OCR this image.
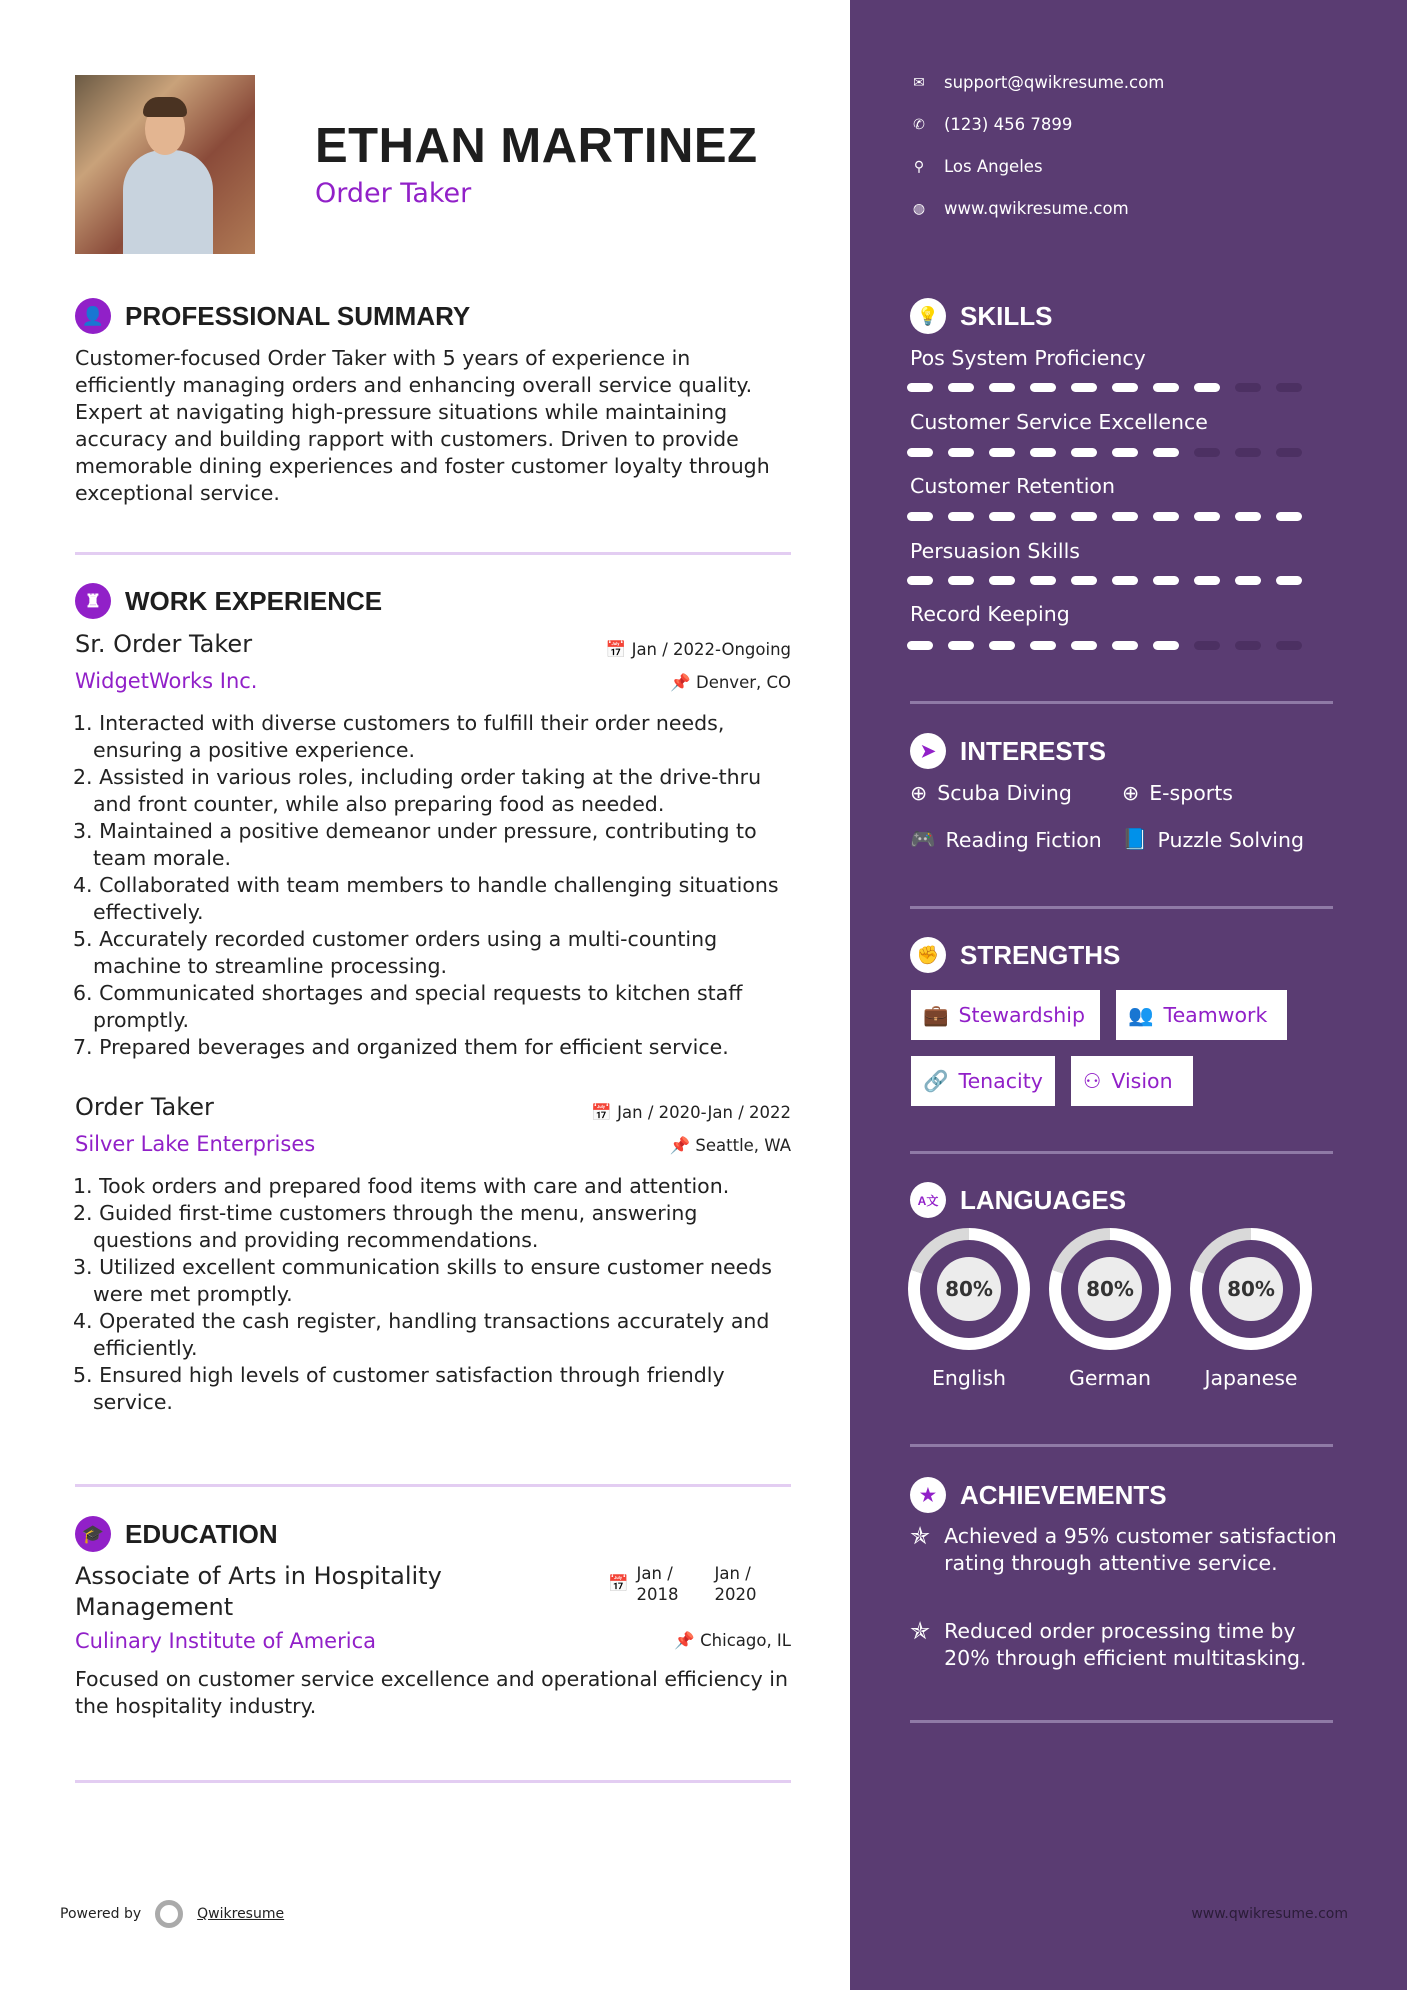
ETHAN MARTINEZ
Order Taker
👤 PROFESSIONAL SUMMARY
Customer-focused Order Taker with 5 years of experience in efficiently managing orders and enhancing overall service quality. Expert at navigating high-pressure situations while maintaining accuracy and building rapport with customers. Driven to provide memorable dining experiences and foster customer loyalty through exceptional service.
♜ WORK EXPERIENCE
Sr. Order Taker	📅 Jan / 2022-Ongoing
WidgetWorks Inc.	📌 Denver, CO
1. Interacted with diverse customers to fulfill their order needs, ensuring a positive experience.
2. Assisted in various roles, including order taking at the drive-thru and front counter, while also preparing food as needed.
3. Maintained a positive demeanor under pressure, contributing to team morale.
4. Collaborated with team members to handle challenging situations effectively.
5. Accurately recorded customer orders using a multi-counting machine to streamline processing.
6. Communicated shortages and special requests to kitchen staff promptly.
7. Prepared beverages and organized them for efficient service.
Order Taker	📅 Jan / 2020-Jan / 2022
Silver Lake Enterprises	📌 Seattle, WA
1. Took orders and prepared food items with care and attention.
2. Guided first-time customers through the menu, answering questions and providing recommendations.
3. Utilized excellent communication skills to ensure customer needs were met promptly.
4. Operated the cash register, handling transactions accurately and efficiently.
5. Ensured high levels of customer satisfaction through friendly service.
🎓 EDUCATION
Associate of Arts in Hospitality Management
📅
Jan / 2018
Jan / 2020
Culinary Institute of America	📌 Chicago, IL
Focused on customer service excellence and operational efficiency in the hospitality industry.
Powered by	Qwikresume	www.qwikresume.com
✉ support@qwikresume.com
✆ (123) 456 7899
⚲ Los Angeles
◍ www.qwikresume.com
💡 SKILLS
Pos System Proficiency
Customer Service Excellence
Customer Retention
Persuasion Skills
Record Keeping
➤ INTERESTS
⊕ Scuba Diving ⊕ E-sports
🎮 Reading Fiction 📘 Puzzle Solving
✊ STRENGTHS
💼 Stewardship 👥 Teamwork
🔗 Tenacity ⚇ Vision
A文 LANGUAGES
80%
English
80%
German
80%
Japanese
★ ACHIEVEMENTS
✯ Achieved a 95% customer satisfaction rating through attentive service.
✯ Reduced order processing time by 20% through efficient multitasking.
